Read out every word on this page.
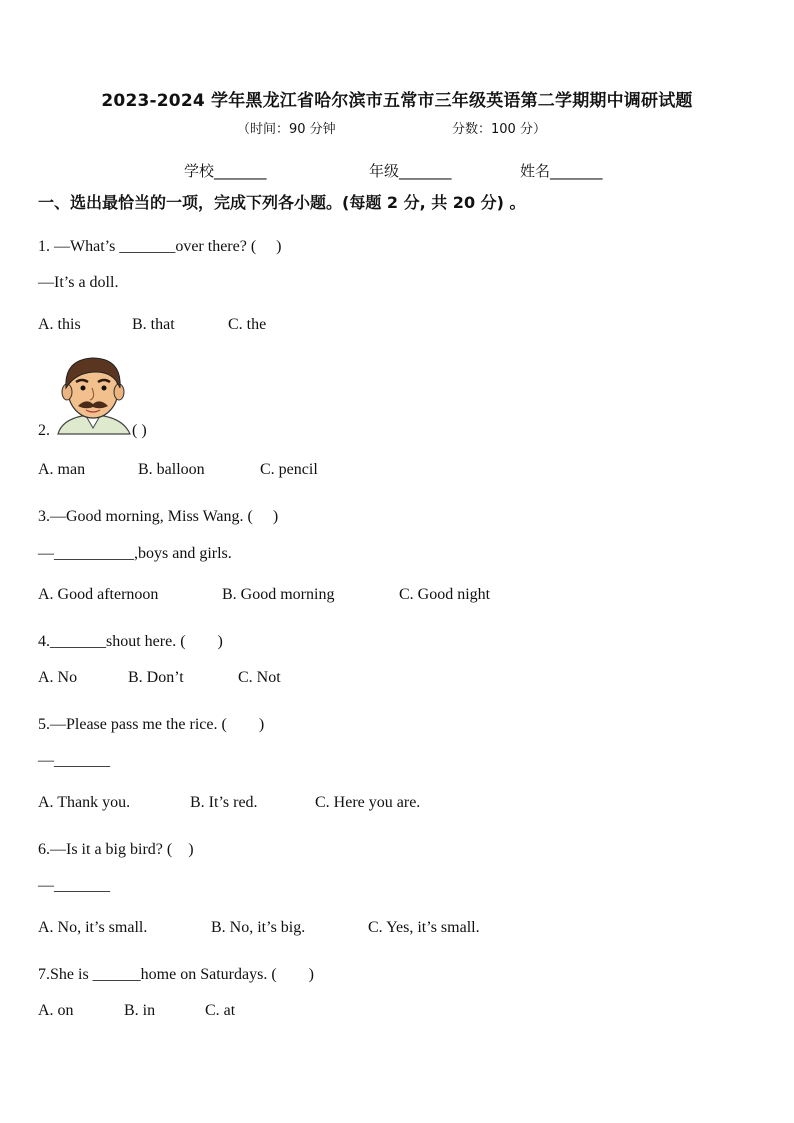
2023-2024 学年黑龙江省哈尔滨市五常市三年级英语第二学期期中调研试题
（时间：90 分钟	分数：100 分）
学校_______	年级_______	姓名_______
一、选出最恰当的一项，完成下列各小题。(每题 2 分, 共 20 分) 。
1. —What’s _______over there? (　 )
—It’s a doll.
A. this	B. that	C. the
2.	( )
A. man	B. balloon	C. pencil
3.—Good morning, Miss Wang. (　 )
—__________,boys and girls.
A. Good afternoon	B. Good morning	C. Good night
4._______shout here. (　　)
A. No	B. Don’t	C. Not
5.—Please pass me the rice. (　　)
—_______
A. Thank you.	B. It’s red.	C. Here you are.
6.—Is it a big bird? (　)
—_______
A. No, it’s small.	B. No, it’s big.	C. Yes, it’s small.
7.She is ______home on Saturdays. (　　)
A. on	B. in	C. at
